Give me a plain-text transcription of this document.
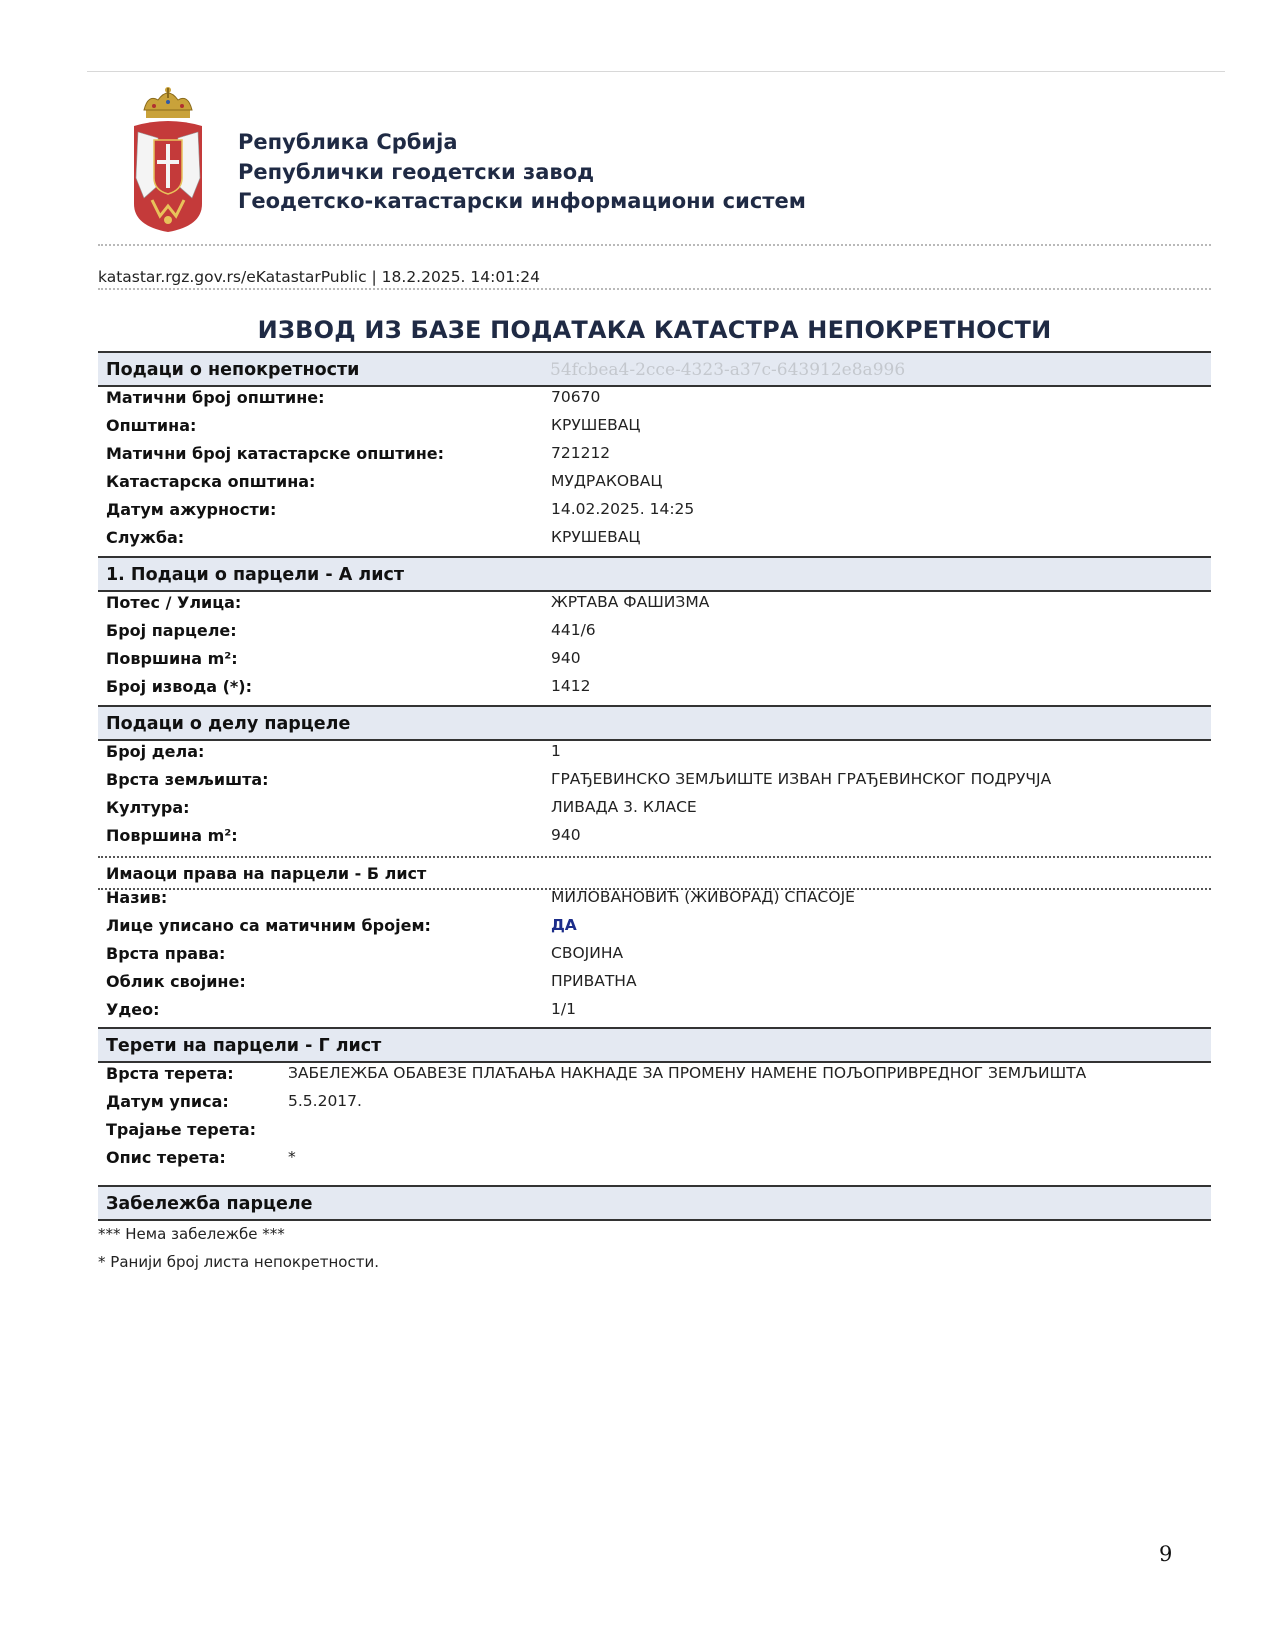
Република Србија
Републички геодетски завод
Геодетско-катастарски информациони систем
katastar.rgz.gov.rs/eKatastarPublic | 18.2.2025. 14:01:24
ИЗВОД ИЗ БАЗЕ ПОДАТАКА КАТАСТРА НЕПОКРЕТНОСТИ
Подаци о непокретности	54fcbea4-2cce-4323-a37c-643912e8a996
Матични број општине:	70670
Општина:	КРУШЕВАЦ
Матични број катастарске општине:	721212
Катастарска општина:	МУДРАКОВАЦ
Датум ажурности:	14.02.2025. 14:25
Служба:	КРУШЕВАЦ
1. Подаци о парцели - А лист
Потес / Улица:	ЖРТАВА ФАШИЗМА
Број парцеле:	441/6
Површина m²:	940
Број извода (*):	1412
Подаци о делу парцеле
Број дела:	1
Врста земљишта:	ГРАЂЕВИНСКО ЗЕМЉИШТЕ ИЗВАН ГРАЂЕВИНСКОГ ПОДРУЧЈА
Култура:	ЛИВАДА 3. КЛАСЕ
Површина m²:	940
Имаоци права на парцели - Б лист
Назив:	МИЛОВАНОВИЋ (ЖИВОРАД) СПАСОЈЕ
Лице уписано са матичним бројем:	ДА
Врста права:	СВОЈИНА
Облик својине:	ПРИВАТНА
Удео:	1/1
Терети на парцели - Г лист
Врста терета:	ЗАБЕЛЕЖБА ОБАВЕЗЕ ПЛАЋАЊА НАКНАДЕ ЗА ПРОМЕНУ НАМЕНЕ ПОЉОПРИВРЕДНОГ ЗЕМЉИШТА
Датум уписа:	5.5.2017.
Трајање терета:
Опис терета:	*
Забележба парцеле
*** Нема забележбе ***
* Ранији број листа непокретности.
9
